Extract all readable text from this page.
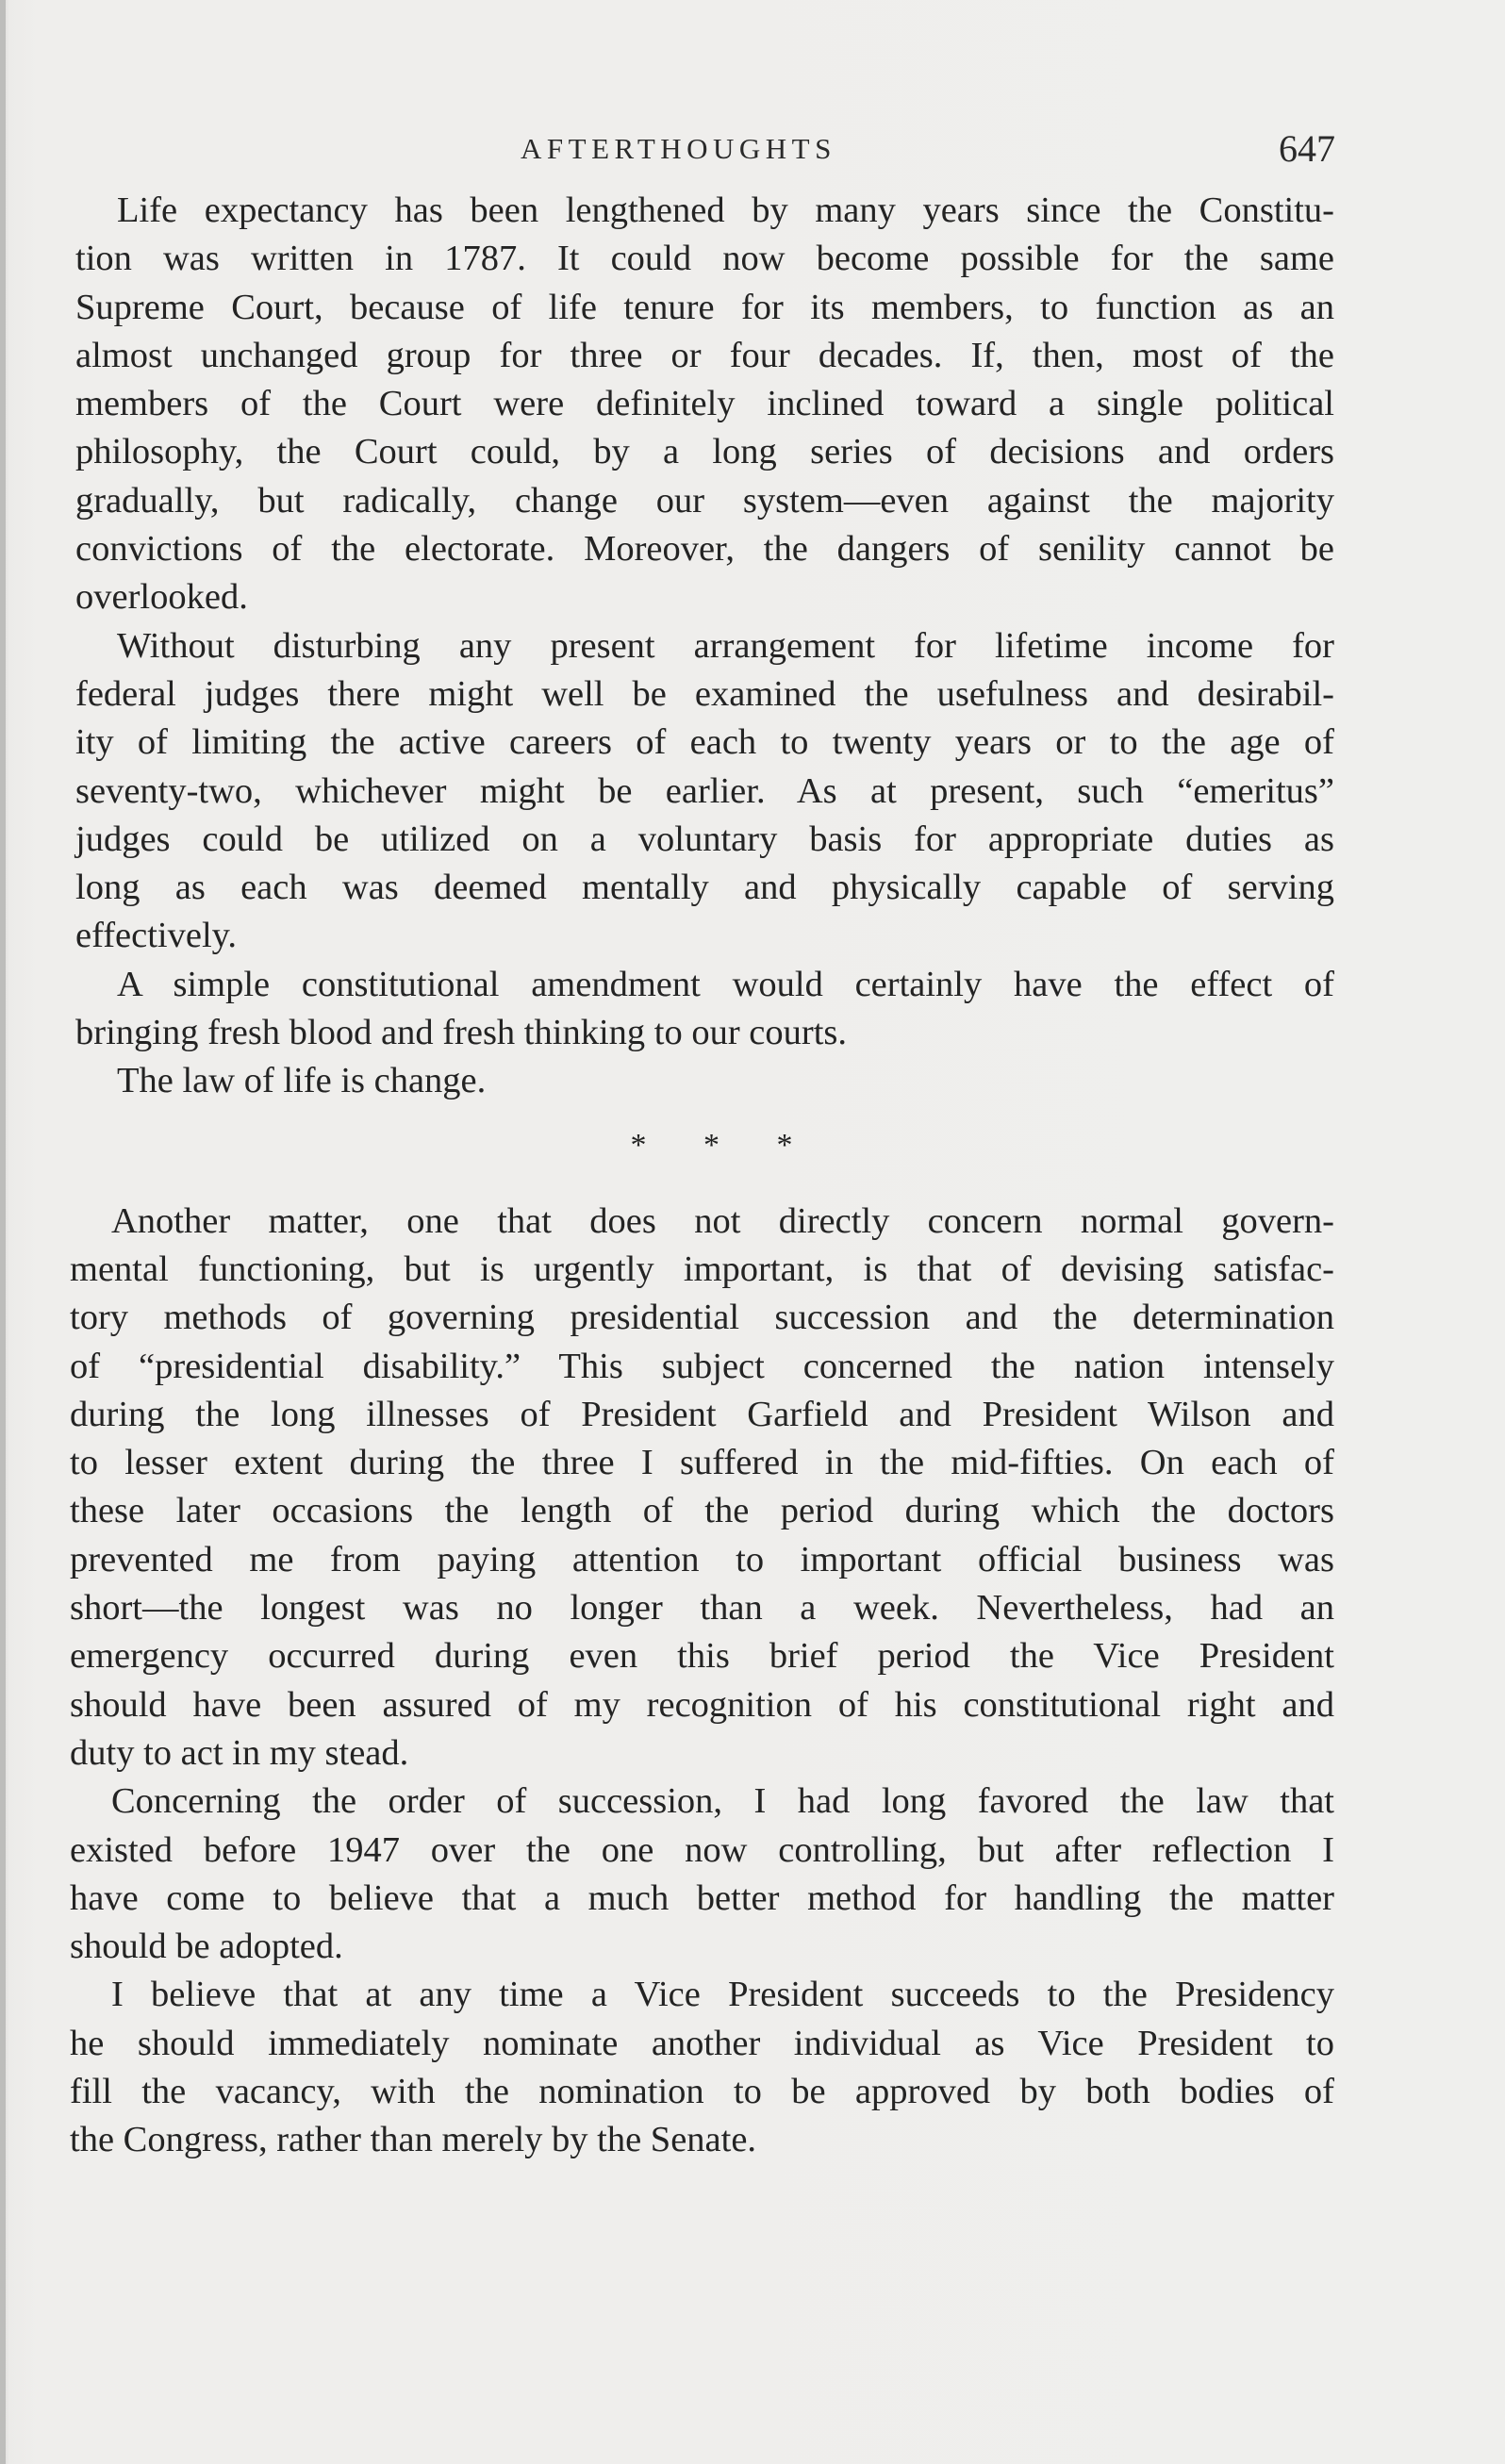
AFTERTHOUGHTS	647
Life expectancy has been lengthened by many years since the Constitu-
tion was written in 1787. It could now become possible for the same
Supreme Court, because of life tenure for its members, to function as an
almost unchanged group for three or four decades. If, then, most of the
members of the Court were definitely inclined toward a single political
philosophy, the Court could, by a long series of decisions and orders
gradually, but radically, change our system—even against the majority
convictions of the electorate. Moreover, the dangers of senility cannot be
overlooked.
Without disturbing any present arrangement for lifetime income for
federal judges there might well be examined the usefulness and desirabil-
ity of limiting the active careers of each to twenty years or to the age of
seventy-two, whichever might be earlier. As at present, such “emeritus”
judges could be utilized on a voluntary basis for appropriate duties as
long as each was deemed mentally and physically capable of serving
effectively.
A simple constitutional amendment would certainly have the effect of
bringing fresh blood and fresh thinking to our courts.
The law of life is change.
* * *
Another matter, one that does not directly concern normal govern-
mental functioning, but is urgently important, is that of devising satisfac-
tory methods of governing presidential succession and the determination
of “presidential disability.” This subject concerned the nation intensely
during the long illnesses of President Garfield and President Wilson and
to lesser extent during the three I suffered in the mid-fifties. On each of
these later occasions the length of the period during which the doctors
prevented me from paying attention to important official business was
short—the longest was no longer than a week. Nevertheless, had an
emergency occurred during even this brief period the Vice President
should have been assured of my recognition of his constitutional right and
duty to act in my stead.
Concerning the order of succession, I had long favored the law that
existed before 1947 over the one now controlling, but after reflection I
have come to believe that a much better method for handling the matter
should be adopted.
I believe that at any time a Vice President succeeds to the Presidency
he should immediately nominate another individual as Vice President to
fill the vacancy, with the nomination to be approved by both bodies of
the Congress, rather than merely by the Senate.
